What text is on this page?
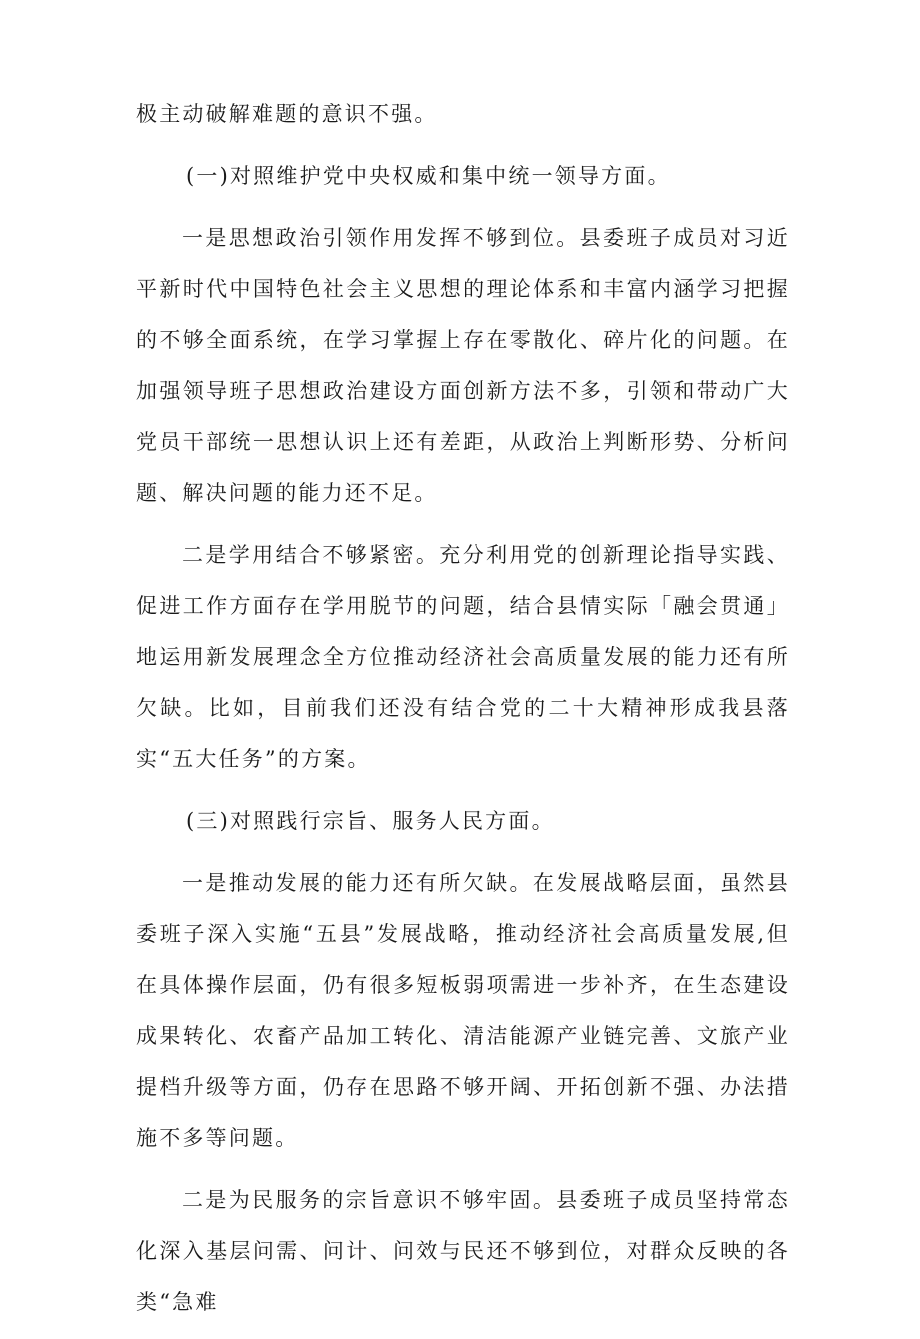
极主动破解难题的意识不强。

(一)对照维护党中央权威和集中统一领导方面。

一是思想政治引领作用发挥不够到位。县委班子成员对习近平新时代中国特色社会主义思想的理论体系和丰富内涵学习把握的不够全面系统，在学习掌握上存在零散化、碎片化的问题。在加强领导班子思想政治建设方面创新方法不多，引领和带动广大党员干部统一思想认识上还有差距，从政治上判断形势、分析问题、解决问题的能力还不足。

二是学用结合不够紧密。充分利用党的创新理论指导实践、促进工作方面存在学用脱节的问题，结合县情实际「融会贯通」地运用新发展理念全方位推动经济社会高质量发展的能力还有所欠缺。比如，目前我们还没有结合党的二十大精神形成我县落实“五大任务”的方案。

(三)对照践行宗旨、服务人民方面。

一是推动发展的能力还有所欠缺。在发展战略层面，虽然县委班子深入实施“五县”发展战略，推动经济社会高质量发展,但在具体操作层面，仍有很多短板弱项需进一步补齐，在生态建设成果转化、农畜产品加工转化、清洁能源产业链完善、文旅产业提档升级等方面，仍存在思路不够开阔、开拓创新不强、办法措施不多等问题。

二是为民服务的宗旨意识不够牢固。县委班子成员坚持常态化深入基层问需、问计、问效与民还不够到位，对群众反映的各类“急难
